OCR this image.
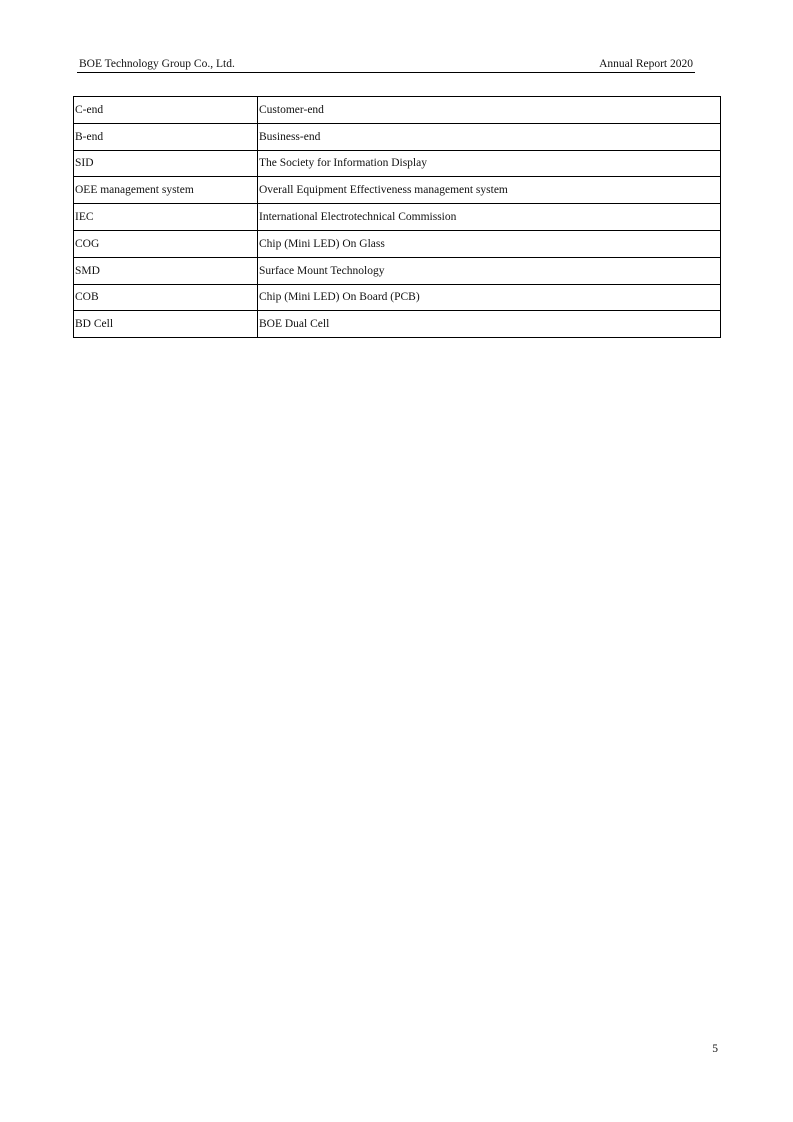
BOE Technology Group Co., Ltd.	Annual Report 2020
C-end	Customer-end
B-end	Business-end
SID	The Society for Information Display
OEE management system	Overall Equipment Effectiveness management system
IEC	International Electrotechnical Commission
COG	Chip (Mini LED) On Glass
SMD	Surface Mount Technology
COB	Chip (Mini LED) On Board (PCB)
BD Cell	BOE Dual Cell
5
